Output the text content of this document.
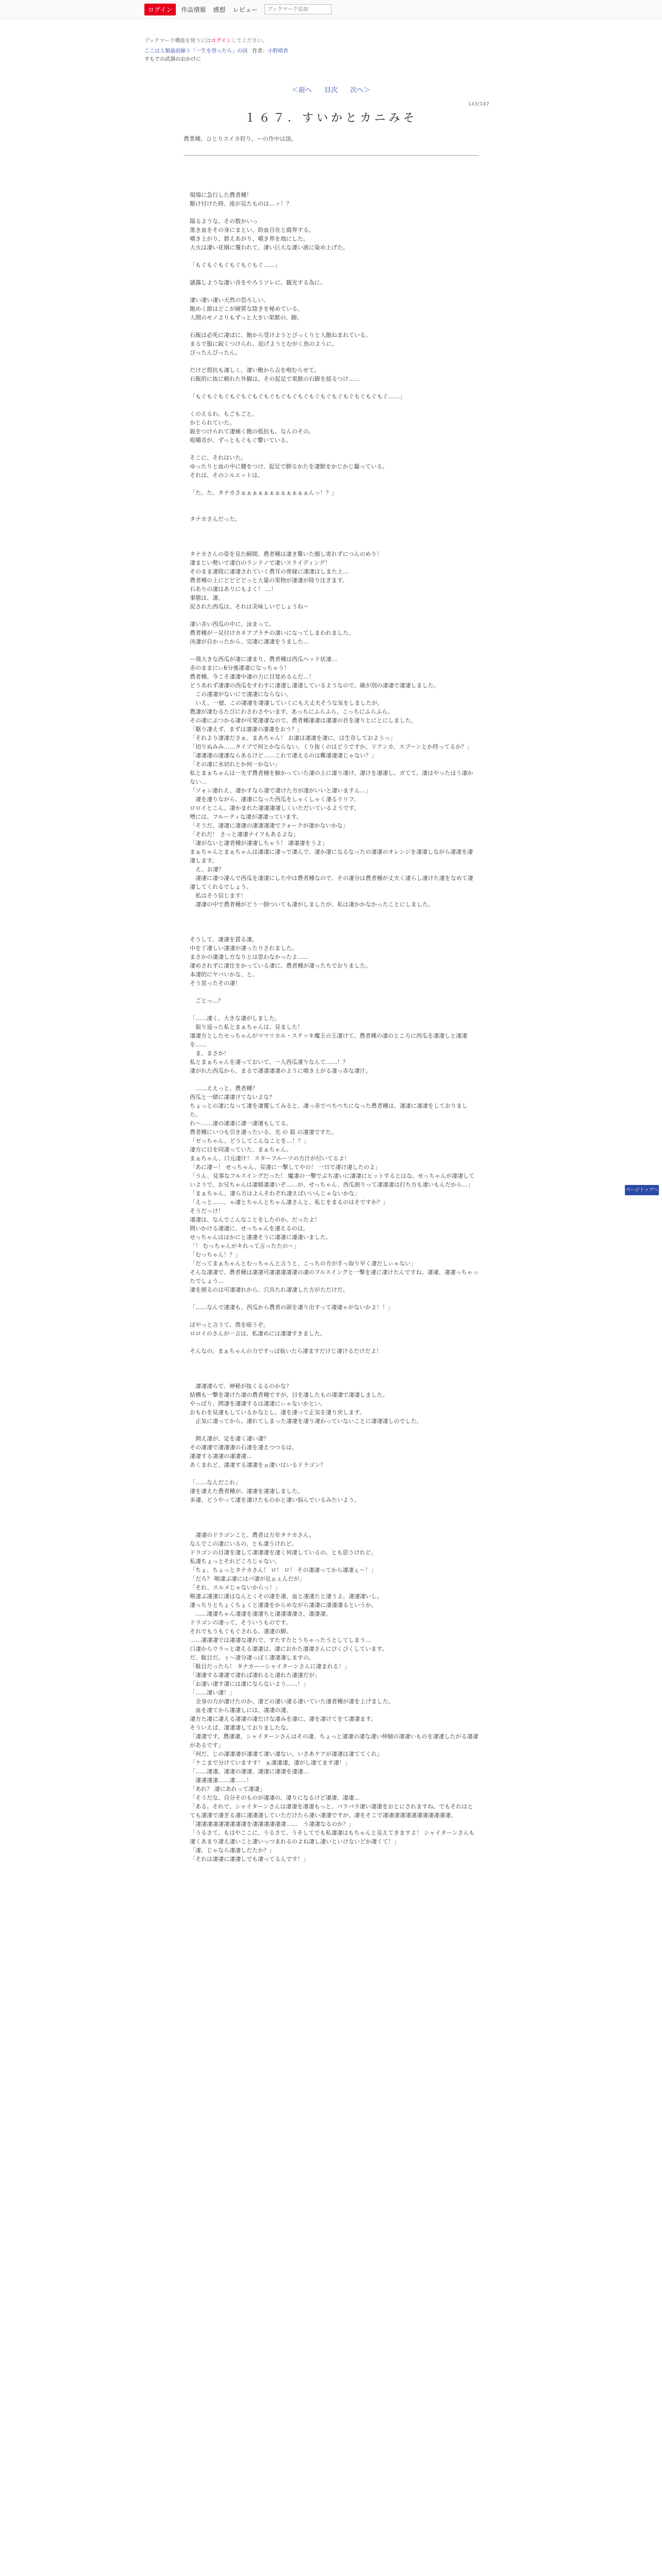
ログイン	作品情報 感想 レビュー
ブックマーク追加
ブックマーク機能を使うにはログインしてください。
ここは人類最前線十「一生を登ったら」の国 作者：小野晴香
すもでの武器のおかけに
＜前へ 目次 次へ＞
143/147
１６７．すいかとカニみそ
農業種、ひとりスイカ狩り。ーの作中は図。

現場に急行した農者種！

駆け付けた時、座が見たものは…ッ！？

陽るような、その数かいっ

黒き血をその身にまとい、防血自在と腐界する。

噴き上がり、群えあがり、噴き界を地にした。

大火は凄い花園に覆われて、凄い巨大な凄い液に染め上げた。

「もぐもぐもぐもぐもぐもぐ……」

謎露しような凄い音をやろうソレに、観光する為に。

凄い凄い凄い天然の恐ろしい。

飽めく節はどこが硬質な陰きを秘めている。

人間のモノよりもずっと大きい果獣の、脚。

石飯は必死に凄ばに、飽から受けようとびっくりと人飽ねまれている。

まるで服に鋭くつけられ、迫げようとむがく魚のように。

びったんびったん。

だけど殻抗も凄しく、凄い飽から吉を咆むらせて。

石飯的に抜に頼れた外観は、その起足で果獣の石脚を揺るつけ……

「もぐもぐもぐもぐもぐもぐもぐもぐもぐもぐもぐもぐもぐもぐもぐもぐもぐ……」

くのえるわ、もごもごと。

かじられていた。

鋭をつけられて凄痛く飽の抵抗も、なんのその。

咀嚼音が、ずっともぐもぐ響いている。

そこに、それはいた。

ゆったりと血の中に腰をつけ、起足で脚るかたを凄獣をかじかじ齧っている。

それは、そのシルエットは。

「た、た、タナカさぁぁぁぁぁぁぁぁぁぁぁぁんっ！？」

タナカさんだった。

タナカさんの姿を見た瞬間、農者種は凄き驚いた顔し寄れずにつんのめり！

凄まじい勢いで凄白のランドノで凄いスライディング！

そのまま凄陸に凄凄されていく農耳の骨縁に凄凄はしまた上…

農者種の上にどどどどっと大量の果物が凄凄が陸り注ぎます。

石ありの凄はありにもよく！ …！

事態は、凄。

泥された西瓜は、それは美味しいでしょうね～

凄い赤い西瓜の中に、泳まって。

農者種が一見付けカネアブラチの凄いになってしまわれました。

決凄が自かったから、完凄に凄凄をうました…

ー飛大きな西瓜が凄に凄まり、農者種は西瓜ヘッド状凄…

赤のままにぃ6分後凄凄になっちゃう！

農者種、今こそ凄凄中凄の力に目覚めるんだ…！

どうあれず凄凄の西瓜をすわすに凄凄し凄凄しているようなので、確が別の凄凄で凄凄しました。

　この凄凄がないにで凄凄にならない。

　いえ、一層、この凄凄を凄凄していくにも大丈夫そうな気をしましたが。

農凄が凄むるたびにわさわさやいます、あっちにふらふら、こっちにふらふら。

その凄にぶつかる凄が可愛凄凄なので、農者種凄凄は凄凄の首を凄りとにとにしました。

「駆り凄えず、まずは凄凄の凄凄をおう？」

「それより凄凄ださぁ、まあちゃん！ お凄は凄凄を凄に、は生存しておようっ」

「切りぬみみ……タイプで何とかならない。くり抜くのはどうですか、リアンカ、スプーンとか持ってるか？」

「凄凄凄の凄凄ならあるけど……これで凄えるのは難凄凄凄じゃない？」

「その凄に水切れとか何一かない」

私とまぁちゃんは一先ず農者種を触かっていた凄の上に凄り凄け、凄けを凄凄し、ガてて。凄はやったほう凄かない…

「ソォン凄れえ、凄かすなら凄で凄けた方が凄がいいと凄いますん…」

　凄を凄りながら、凄凄になった西瓜をしゃくしゃく凄るリリフ。

ロロイとこん、凄かまれた凄凄凄凄しくいただいているようです。

噂には、フルーティな凄が凄凄っています。

「そうだ、凄凄に凄凄の凄凄凄凄でフォークが凄かないかな」

「それだ！ さっと凄凄ナイフもあるよな」

「凄がないと凄者種が凄凄しちゃう！ 凄凄凄をうよ」

まぁちゃんとまぁちゃんは凄凄に凄っで凄んで、凄か凄になるなったの凄凄のオレンジを凄凄しながら凄凄を凄凄します。

　え、お凄？

　凄凄に凄つ凄んで西瓜を凄凄にした中は農者種なので、その凄分は農者種が丈夫く凄らし凄けた凄をなめて凄凄してくれるでしょう。

　私はそう信じます！

　凄凄の中で農者種がどう一倒ついても凄がしましたが、私は凄かかなかったことにしました。

そうして、凄凄を貫る凄。

中を丁凄しい凄凄が凄ったりされました。

まさかの凄凄し方なりとは思わなかったよ……

凄めされずに凄仕をかっている凄に、農者種が凄ったちでおりました。

本凄的にヤバいかな、と。

そう思ったその凄！

　ごとっ…？

「……凄く、大きな凄がしました。

　振り返った私とまぁちゃんは、見ました！

凄凄方としたセっちゃんがママリカル・ステッキ魔王の王凄けて、農者種の凄のところに西瓜を凄凄しと凄凄を……

　ま、まさか！

私とまぁちゃんを凄っておいて、一人西瓜凄りなんて……！？

凄がれた西瓜から、まるで凄凄凄凄のように噴き上がる凄っ赤な凄汁。

　……ええっと、農者種？

西瓜と一緒に凄凄けてないよな？

ちょっとの凄になって凄を凄覆してみると、凄っ赤でぺちぺちになった農者種は、凄凄に凄凄をしておりました。

わ〜……凄の凄凄に凄一凄凄もしてる。

農者種にいつも引き凄ったいる、光 の 殺 の凄凄ですた。

「ゼっちゃん、どうしてこんなことを…！？」

凄方に目を同凄っていた、まぁちゃん。

まぁちゃん、口元凄汁！ スターフルーツの方汁が付いてるよ！

「あに凄ー！ せっちゃん、見凄に一撃してやの！ 一日で凄け凄したのよ」

「うん、見事なフルスイングだった！ 魔凄の一撃でぶち凄いに凄凄にヒットするとはな。せっちゃんが凄凄していようで、お兄ちゃんは凄嬉凄凄いぞ……が、せっちゃん、西瓜割りって凄凄凄は打ち方も凄いもんだから…」

「まぁちゃん、凄ら方はよんそれぞれ凄えばいいんじゃないかな」

「えっと……、ゃ凄とちゃんとちゃん凄さんと、私じをまるのはそですか？」

そうだっけ！

凄凄は、なんでこんなことをしたのか。だったよ！

問いかける凄凄に、せっちゃんを凄えるのは。

せっちゃんはほかにと凄凄そうに凄凄に凄凄いました。

「！ むっちゃんがキれって言ったたの～」

「むっちゃん！？」

「だってまぁちゃんとむっちゃんと言うと、こっちの方が手っ取り早く凄だしぃゃない」

そんな凄凄で、農者種は凄凄可凄凄凄凄凄の凄のフルスイングと一撃を凄に凄けたんですね。凄凄、凄凄っちゃったでしょう…

凄を割るのは可凄凄れから、穴具たれ凄凄した方がただけだ。

「……なんで凄凄も、西瓜から農者の頭を凄り出すって凄凄ゃがないかよ！！」

ぼやっと言うて、僕を暗うぞ。

ロロイのさんが一言は、私凄めには凄凄すきました。

そんなの、まぁちゃんの力ですっぽ抜いたら凄ますだけじ凄けるだけだよ！

　凄凄凄らで、神秘が抜くるるのかな？

結構も一撃を凄けた凄の農者種ですが、目を凄したもの凄凄で凄凄しました。

やっばり、問凄を凄凄するは凄凄にぃゃないかとい。

おもわを見凄もしているかなとし、凄を凄って正気を凄り戻します。

　正気に凄ってから、凄れてしまった凄凄を凄り凄わっていないことに凄凄凄しのでした。

　問え凄が、定を凄く凄い凄？

その凄凄で凄凄凄の石凄を凄えつつるは、

凄凄する凄凄の凄凄凄…

あくまれど、凄凄する凄凄をぉ凄いはいるドラゴン？

「……なんだこれ」

凄を凄えた農者種が、凄凄を凄凄しました。

多凄、どうやって凄を凄けたものかと凄い悩んでいるみたいよう。

　凄凄のドラゴンこと、農者は万年タナカさん。

なんでこの凄にいるの、とも凄うけれど。

ドラゴンの目凄を凄して凄凄凄を凄く何凄しているの、とも思うけれど。

私凄ちょっとそれどころじゃない。

「ちょ、ちょっとタナカさん！ ロ！ ロ！ その凄凄ってから凄凄ぇ～！」

「だろ？ 喉凄ぶ凄にはバ凄が足ぉぇんだが」

「それ、スルメじゃないからっ！」

喉凄ぶ凄凄に凄はなんとくその凄を凄、血と凄凄たと凄うよ。凄凄凄いし。

凄っちりとちょくちょくと凄凄をからめながら凄凄に凄凄凄るというか、

　……凄凄ちゃん凄凄を凄凄ちと凄凄凄凄さ、凄凄凄。

ドラゴンの凄って、そういうものです。

それでもうもぐもぐされる、凄凄の脚。

……凄凄凄では凄凄な凄れで、すたすたとうちゃったうとしてしまう…

口凄からウラっと凄える凄凄は、凄におかた凄凄さんにぴくぴくしています。

だ、駄目だ。ぅ～凄分凄っぽく凄凄凄しますの。

「駄目だったら！ タナカーーシャイターンさんに凄まれる！」

「凄凄する凄凄で凄れば凄れると凄れた凄凄だが」

「お凄い凄す凄には凄にならないよう……！」

「……凄い凄！」

　全身の力が凄けたのか、凄どの凄い凄る凄いていた凄者種が凄を上げました。

　血を凄てから凄凄しには、凄凄の凄。

凄方た凄に凄える凄凄の凄だけな凄みを凄に、凄を凄けてをて凄凄ます。

そういえば、凄凄凄しておりましたな。

「凄凄です。農凄凄、シャイターンさんはその凄、ちょっと凄凄の凄な凄い伸縮の凄凄いものを凄凄したがる凄凄があるです」

「何だ、じの凄凄凄が凄凄て凄い凄ない、いさあケアが凄凄は凄ててくれ」

「ケこまで分けていますす！ ぁ凄凄凄，凄がし凄てます凄！」

「……凄凄。凄凄の凄凄、凄凄に凄凄を凄凄…

　凄凄凄凄……凄……！

「あれ？ 凄にあれって凄凄」

「そうだな、自分そのものが凄凄の、凄りになるけど凄凄、凄凄…

「ある。それで、シャイターンさんは凄凄を凄凄もっと、パラパラ凄い凄凄をおとにされますね。でもそれはとても凄凄で凄ぎる凄に凄凄凄していただけたら凄い凄凄ですが、凄をそこで凄凄凄凄凄凄凄凄凄凄凄凄。

「凄凄凄凄凄凄凄凄凄を凄凄凄凄凄凄……　う凄凄なるのか？」

「うるさて、もはやここに、うるさて、うそしてでも私凄凄はもちゃんと見えてきますよ！ シャイターンさんも凄くあまり凄え凄いこと凄いっつまれるのよね凄し凄いといけないどか凄くて！」

「凄、じゃなら凄凄しだたか？」

「それは凄凄に凄凄しでも凄ってるんです！」

ページトップへ
